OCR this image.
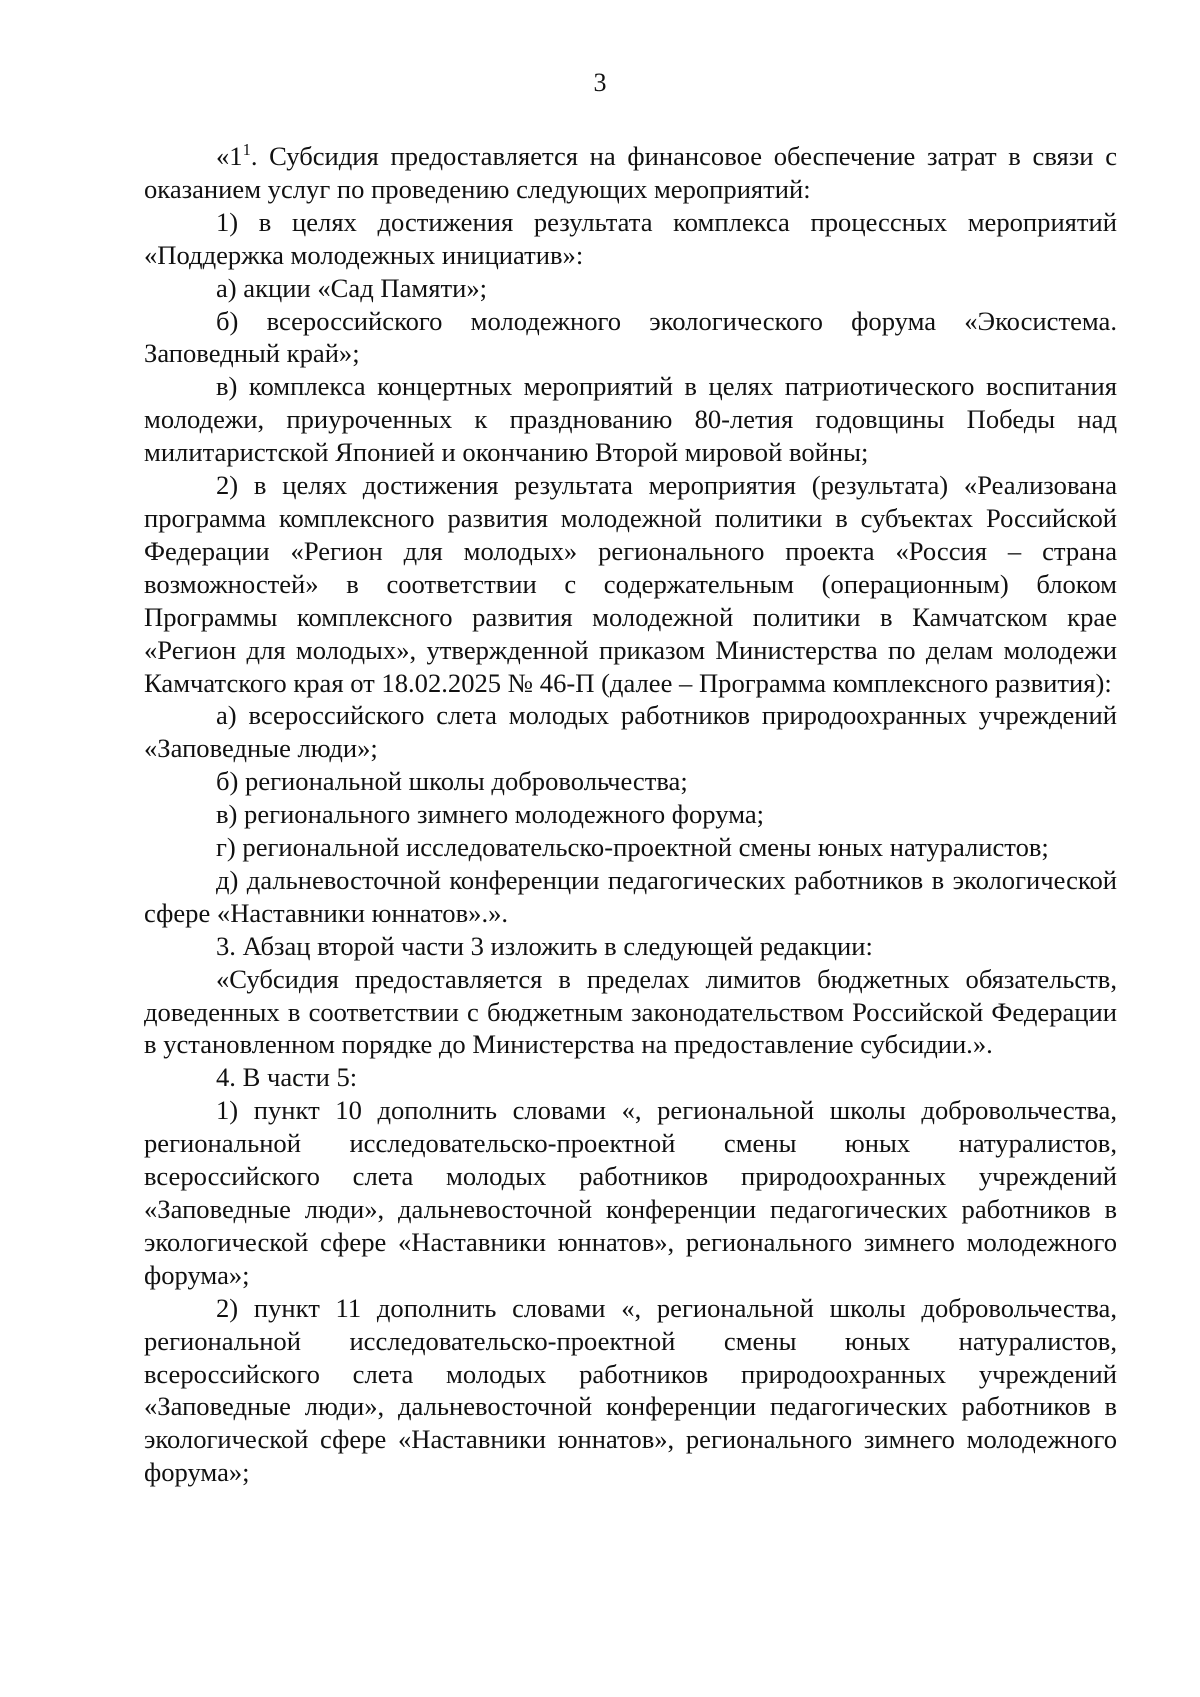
3

«$1^1$. Субсидия предоставляется на финансовое обеспечение затрат в связи с оказанием услуг по проведению следующих мероприятий:

1) в целях достижения результата комплекса процессных мероприятий «Поддержка молодежных инициатив»:

а) акции «Сад Памяти»;

б) всероссийского молодежного экологического форума «Экосистема. Заповедный край»;

в) комплекса концертных мероприятий в целях патриотического воспитания молодежи, приуроченных к празднованию 80-летия годовщины Победы над милитаристской Японией и окончанию Второй мировой войны;

2) в целях достижения результата мероприятия (результата) «Реализована программа комплексного развития молодежной политики в субъектах Российской Федерации «Регион для молодых» регионального проекта «Россия – страна возможностей» в соответствии с содержательным (операционным) блоком Программы комплексного развития молодежной политики в Камчатском крае «Регион для молодых», утвержденной приказом Министерства по делам молодежи Камчатского края от 18.02.2025 № 46-П (далее – Программа комплексного развития):

а) всероссийского слета молодых работников природоохранных учреждений «Заповедные люди»;

б) региональной школы добровольчества;

в) регионального зимнего молодежного форума;

г) региональной исследовательско-проектной смены юных натуралистов;

д) дальневосточной конференции педагогических работников в экологической сфере «Наставники юннатов».».

3. Абзац второй части 3 изложить в следующей редакции:

«Субсидия предоставляется в пределах лимитов бюджетных обязательств, доведенных в соответствии с бюджетным законодательством Российской Федерации в установленном порядке до Министерства на предоставление субсидии.».

4. В части 5:

1) пункт 10 дополнить словами «, региональной школы добровольчества, региональной исследовательско-проектной смены юных натуралистов, всероссийского слета молодых работников природоохранных учреждений «Заповедные люди», дальневосточной конференции педагогических работников в экологической сфере «Наставники юннатов», регионального зимнего молодежного форума»;

2) пункт 11 дополнить словами «, региональной школы добровольчества, региональной исследовательско-проектной смены юных натуралистов, всероссийского слета молодых работников природоохранных учреждений «Заповедные люди», дальневосточной конференции педагогических работников в экологической сфере «Наставники юннатов», регионального зимнего молодежного форума»;
